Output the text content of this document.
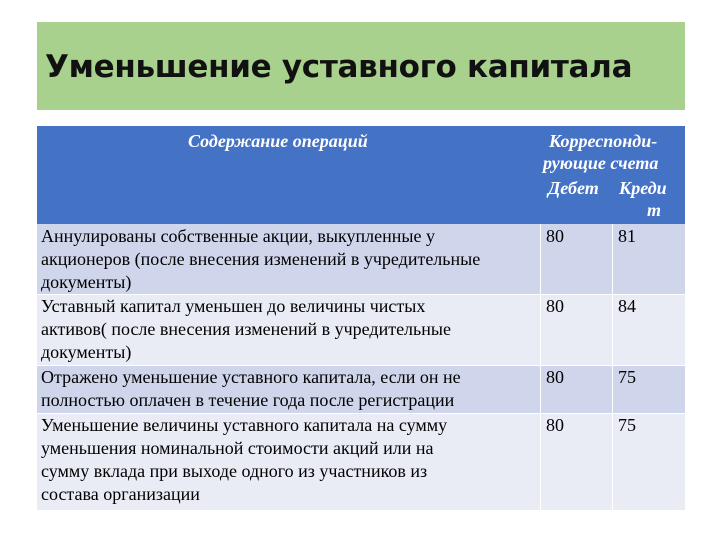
Уменьшение уставного капитала
Содержание операций	Корреспонди-
рующие счета
Дебет Креди
т
Аннулированы собственные акции, выкупленные у
акционеров (после внесения изменений в учредительные
документы)
80	81
Уставный капитал уменьшен до величины чистых
активов( после внесения изменений в учредительные
документы)
80	84
Отражено уменьшение уставного капитала, если он не
полностью оплачен в течение года после регистрации
80	75
Уменьшение величины уставного капитала на сумму
уменьшения номинальной стоимости акций или на
сумму вклада при выходе одного из участников из
состава организации
80	75
